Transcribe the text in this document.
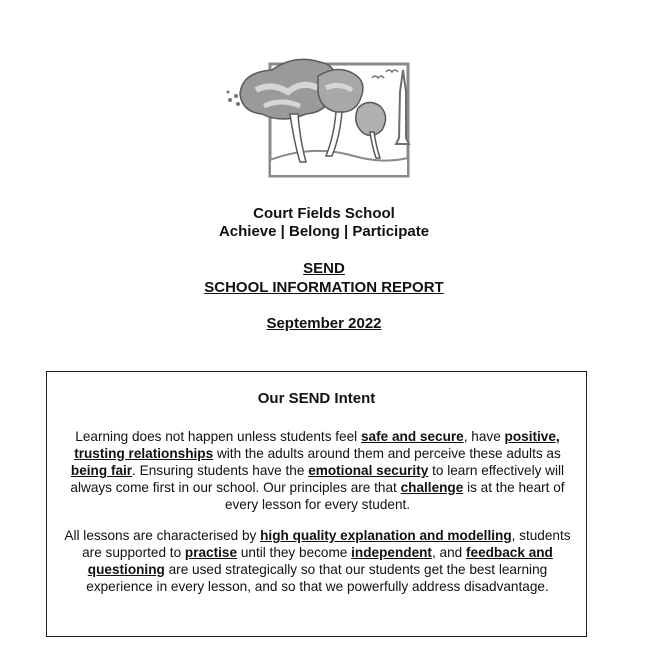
Court Fields School
Achieve | Belong | Participate
SEND
SCHOOL INFORMATION REPORT
September 2022
Our SEND Intent
Learning does not happen unless students feel safe and secure, have positive, trusting relationships with the adults around them and perceive these adults as being fair. Ensuring students have the emotional security to learn effectively will always come first in our school. Our principles are that challenge is at the heart of every lesson for every student.
All lessons are characterised by high quality explanation and modelling, students are supported to practise until they become independent, and feedback and questioning are used strategically so that our students get the best learning experience in every lesson, and so that we powerfully address disadvantage.
